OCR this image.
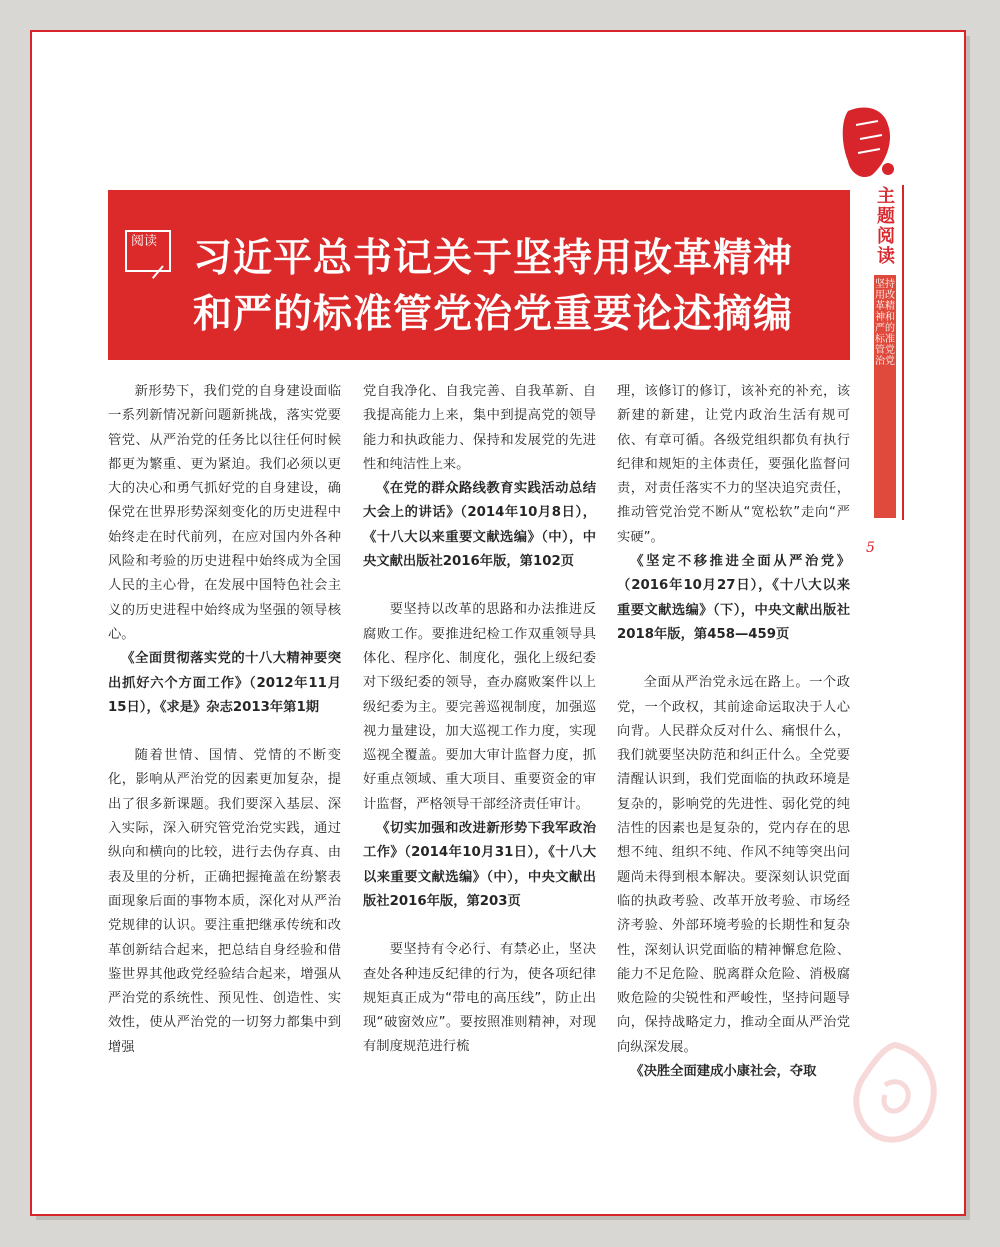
阅读 习近平总书记关于坚持用改革精神
和严的标准管党治党重要论述摘编
主题阅读
坚持用改革精神和严的标准管党治党
5

新形势下，我们党的自身建设面临一系列新情况新问题新挑战，落实党要管党、从严治党的任务比以往任何时候都更为繁重、更为紧迫。我们必须以更大的决心和勇气抓好党的自身建设，确保党在世界形势深刻变化的历史进程中始终走在时代前列，在应对国内外各种风险和考验的历史进程中始终成为全国人民的主心骨，在发展中国特色社会主义的历史进程中始终成为坚强的领导核心。

《全面贯彻落实党的十八大精神要突出抓好六个方面工作》（2012年11月15日），《求是》杂志2013年第1期

随着世情、国情、党情的不断变化，影响从严治党的因素更加复杂，提出了很多新课题。我们要深入基层、深入实际，深入研究管党治党实践，通过纵向和横向的比较，进行去伪存真、由表及里的分析，正确把握掩盖在纷繁表面现象后面的事物本质，深化对从严治党规律的认识。要注重把继承传统和改革创新结合起来，把总结自身经验和借鉴世界其他政党经验结合起来，增强从严治党的系统性、预见性、创造性、实效性，使从严治党的一切努力都集中到增强

党自我净化、自我完善、自我革新、自我提高能力上来，集中到提高党的领导能力和执政能力、保持和发展党的先进性和纯洁性上来。

《在党的群众路线教育实践活动总结大会上的讲话》（2014年10月8日），《十八大以来重要文献选编》（中），中央文献出版社2016年版，第102页

要坚持以改革的思路和办法推进反腐败工作。要推进纪检工作双重领导具体化、程序化、制度化，强化上级纪委对下级纪委的领导，查办腐败案件以上级纪委为主。要完善巡视制度，加强巡视力量建设，加大巡视工作力度，实现巡视全覆盖。要加大审计监督力度，抓好重点领域、重大项目、重要资金的审计监督，严格领导干部经济责任审计。

《切实加强和改进新形势下我军政治工作》（2014年10月31日），《十八大以来重要文献选编》（中），中央文献出版社2016年版，第203页

要坚持有令必行、有禁必止，坚决查处各种违反纪律的行为，使各项纪律规矩真正成为“带电的高压线”，防止出现“破窗效应”。要按照准则精神，对现有制度规范进行梳

理，该修订的修订，该补充的补充，该新建的新建，让党内政治生活有规可依、有章可循。各级党组织都负有执行纪律和规矩的主体责任，要强化监督问责，对责任落实不力的坚决追究责任，推动管党治党不断从“宽松软”走向“严实硬”。

《坚定不移推进全面从严治党》（2016年10月27日），《十八大以来重要文献选编》（下），中央文献出版社2018年版，第458—459页

全面从严治党永远在路上。一个政党，一个政权，其前途命运取决于人心向背。人民群众反对什么、痛恨什么，我们就要坚决防范和纠正什么。全党要清醒认识到，我们党面临的执政环境是复杂的，影响党的先进性、弱化党的纯洁性的因素也是复杂的，党内存在的思想不纯、组织不纯、作风不纯等突出问题尚未得到根本解决。要深刻认识党面临的执政考验、改革开放考验、市场经济考验、外部环境考验的长期性和复杂性，深刻认识党面临的精神懈怠危险、能力不足危险、脱离群众危险、消极腐败危险的尖锐性和严峻性，坚持问题导向，保持战略定力，推动全面从严治党向纵深发展。

《决胜全面建成小康社会，夺取
